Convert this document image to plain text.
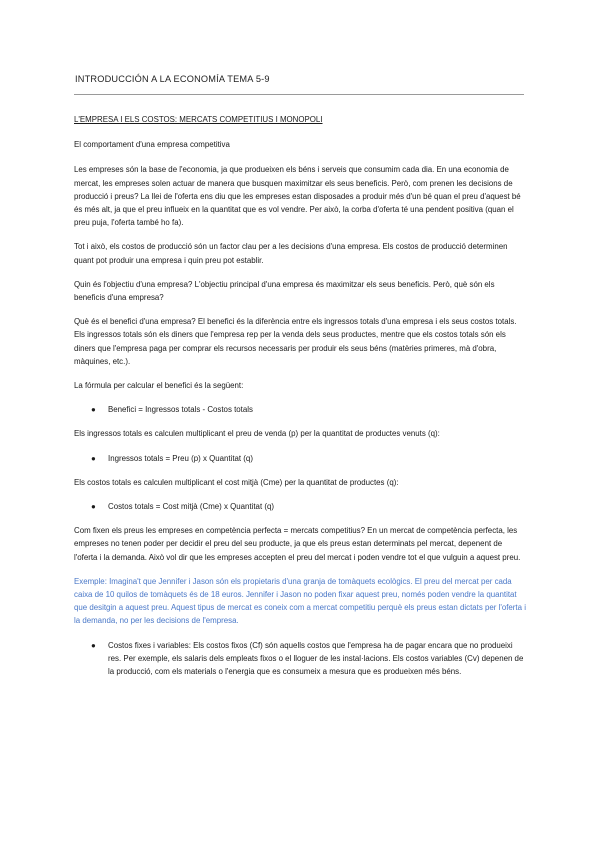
INTRODUCCIÓN A LA ECONOMÍA TEMA 5-9

L'EMPRESA I ELS COSTOS: MERCATS COMPETITIUS I MONOPOLI

El comportament d'una empresa competitiva

Les empreses són la base de l'economia, ja que produeixen els béns i serveis que consumim cada dia. En una economia de mercat, les empreses solen actuar de manera que busquen maximitzar els seus beneficis. Però, com prenen les decisions de producció i preus? La llei de l'oferta ens diu que les empreses estan disposades a produir més d'un bé quan el preu d'aquest bé és més alt, ja que el preu influeix en la quantitat que es vol vendre. Per això, la corba d'oferta té una pendent positiva (quan el preu puja, l'oferta també ho fa).

Tot i això, els costos de producció són un factor clau per a les decisions d'una empresa. Els costos de producció determinen quant pot produir una empresa i quin preu pot establir.

Quin és l'objectiu d'una empresa? L'objectiu principal d'una empresa és maximitzar els seus beneficis. Però, què són els beneficis d'una empresa?

Què és el benefici d'una empresa? El benefici és la diferència entre els ingressos totals d'una empresa i els seus costos totals. Els ingressos totals són els diners que l'empresa rep per la venda dels seus productes, mentre que els costos totals són els diners que l'empresa paga per comprar els recursos necessaris per produir els seus béns (matèries primeres, mà d'obra, màquines, etc.).

La fórmula per calcular el benefici és la següent:

● Benefici = Ingressos totals - Costos totals

Els ingressos totals es calculen multiplicant el preu de venda (p) per la quantitat de productes venuts (q):

● Ingressos totals = Preu (p) x Quantitat (q)

Els costos totals es calculen multiplicant el cost mitjà (Cme) per la quantitat de productes (q):

● Costos totals = Cost mitjà (Cme) x Quantitat (q)

Com fixen els preus les empreses en competència perfecta = mercats competitius? En un mercat de competència perfecta, les empreses no tenen poder per decidir el preu del seu producte, ja que els preus estan determinats pel mercat, depenent de l'oferta i la demanda. Això vol dir que les empreses accepten el preu del mercat i poden vendre tot el que vulguin a aquest preu.

Exemple: Imagina't que Jennifer i Jason són els propietaris d'una granja de tomàquets ecològics. El preu del mercat per cada caixa de 10 quilos de tomàquets és de 18 euros. Jennifer i Jason no poden fixar aquest preu, només poden vendre la quantitat que desitgin a aquest preu. Aquest tipus de mercat es coneix com a mercat competitiu perquè els preus estan dictats per l'oferta i la demanda, no per les decisions de l'empresa.

● Costos fixes i variables: Els costos fixos (Cf) són aquells costos que l'empresa ha de pagar encara que no produeixi res. Per exemple, els salaris dels empleats fixos o el lloguer de les instal·lacions. Els costos variables (Cv) depenen de la producció, com els materials o l'energia que es consumeix a mesura que es produeixen més béns.
